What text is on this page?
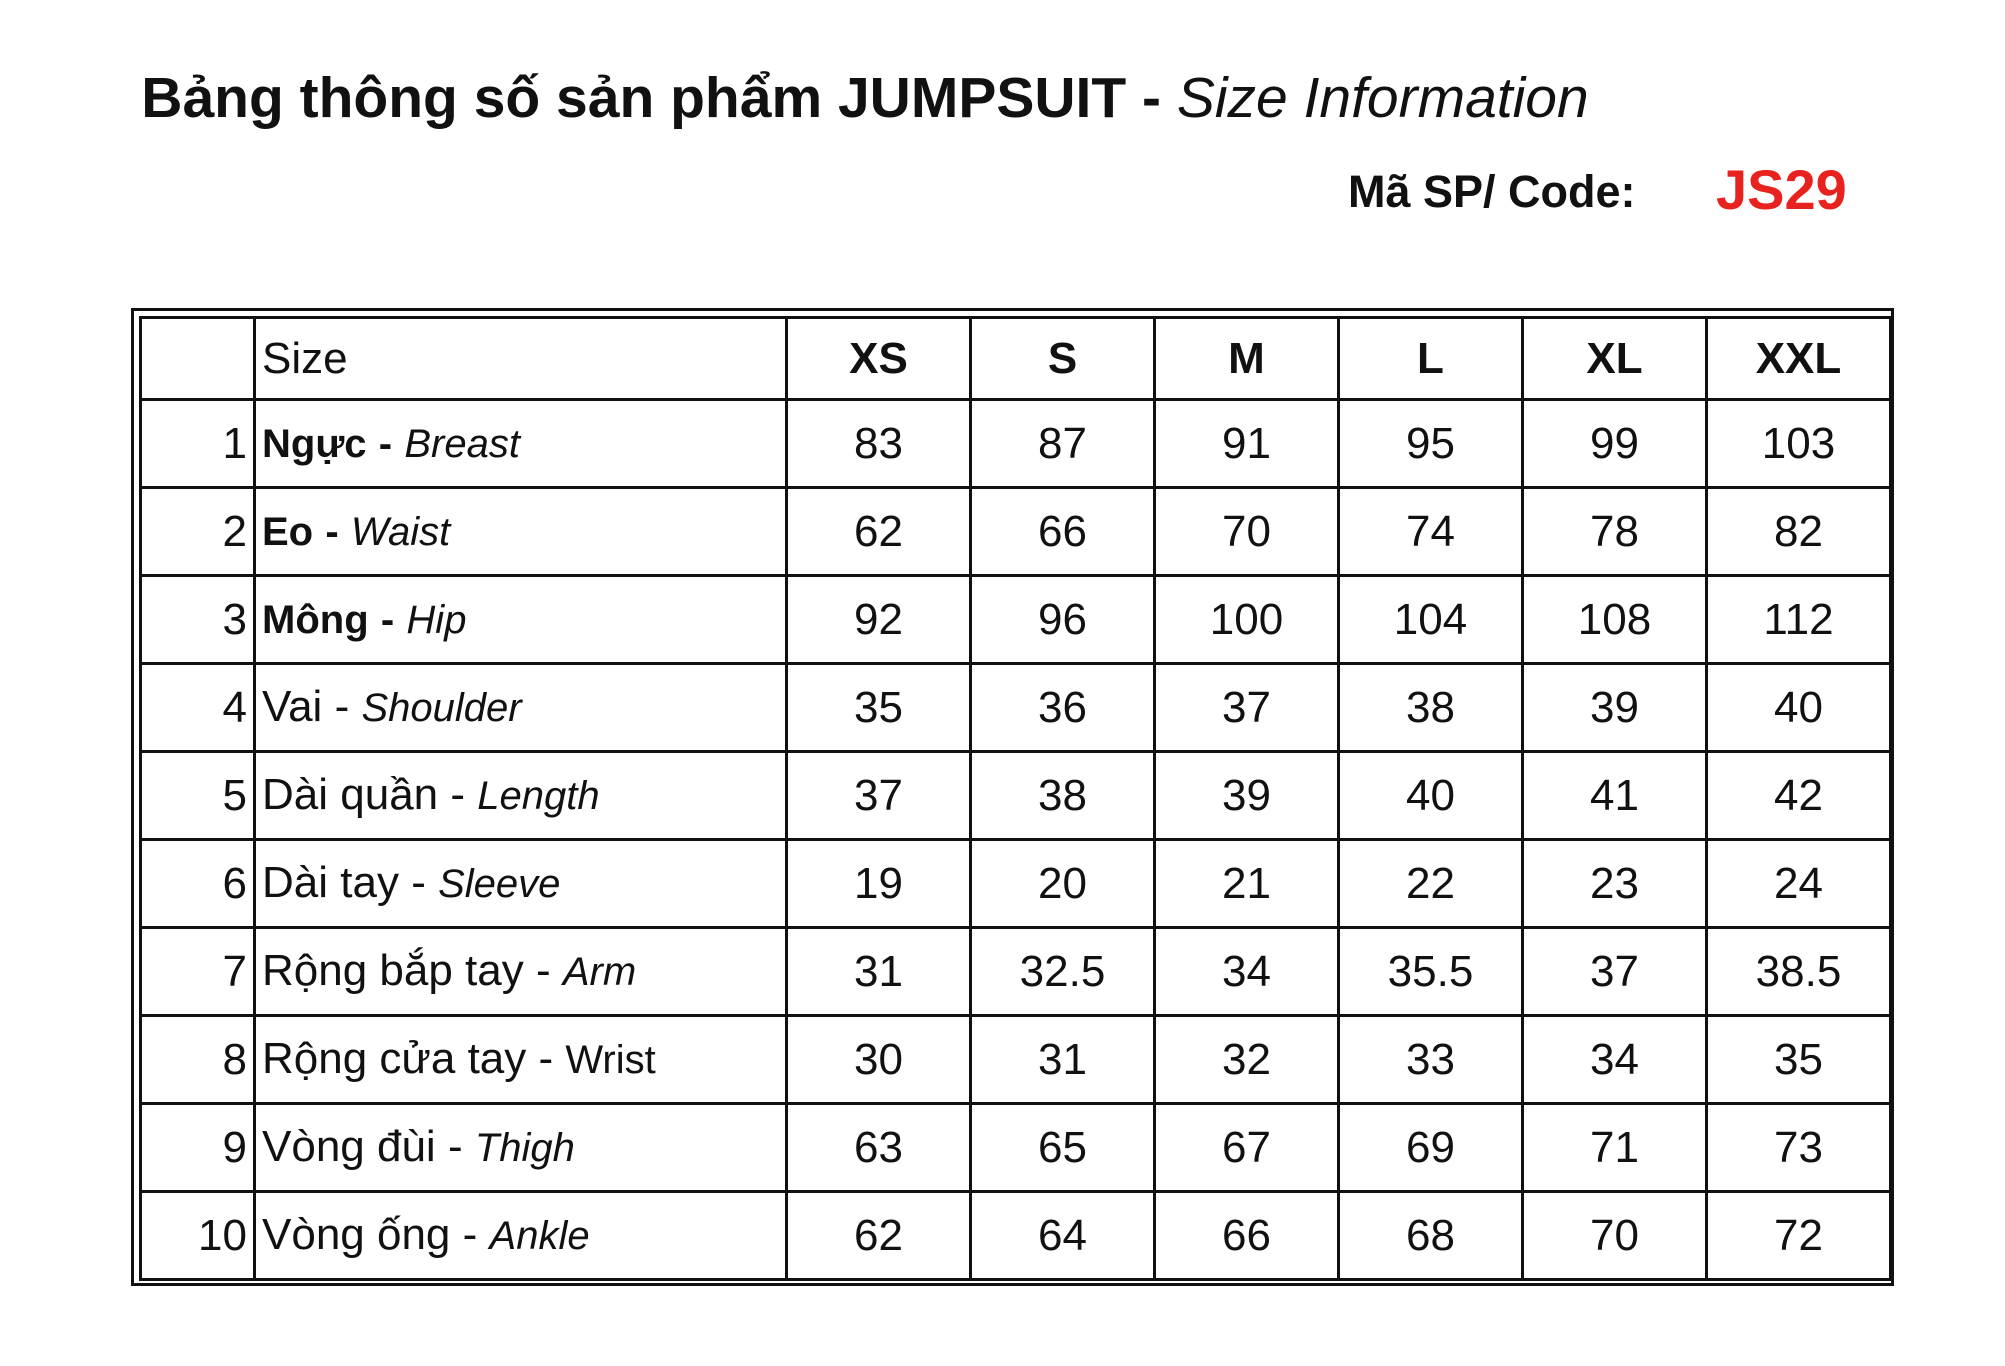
Bảng thông số sản phẩm JUMPSUIT - Size Information
Mã SP/ Code: JS29
	Size	XS	S	M	L	XL	XXL
1	Ngực - Breast	83	87	91	95	99	103
2	Eo - Waist	62	66	70	74	78	82
3	Mông - Hip	92	96	100	104	108	112
4	Vai - Shoulder	35	36	37	38	39	40
5	Dài quần - Length	37	38	39	40	41	42
6	Dài tay - Sleeve	19	20	21	22	23	24
7	Rộng bắp tay - Arm	31	32.5	34	35.5	37	38.5
8	Rộng cửa tay - Wrist	30	31	32	33	34	35
9	Vòng đùi - Thigh	63	65	67	69	71	73
10	Vòng ống - Ankle	62	64	66	68	70	72
